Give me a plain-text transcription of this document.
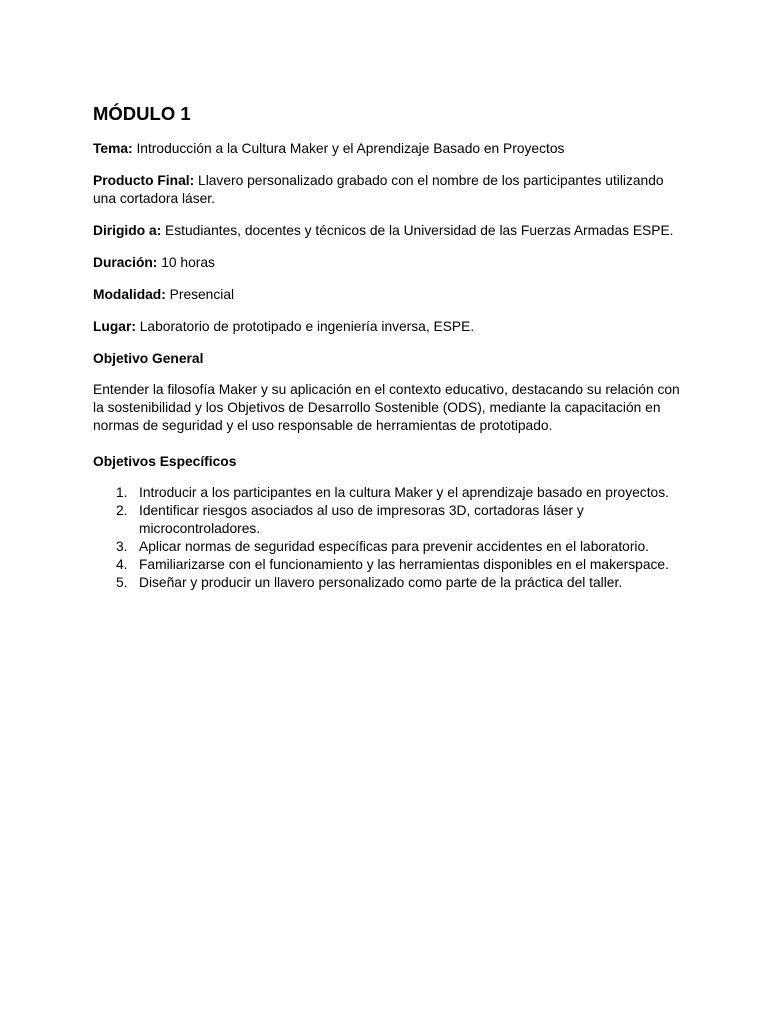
MÓDULO 1

Tema: Introducción a la Cultura Maker y el Aprendizaje Basado en Proyectos

Producto Final: Llavero personalizado grabado con el nombre de los participantes utilizando una cortadora láser.

Dirigido a: Estudiantes, docentes y técnicos de la Universidad de las Fuerzas Armadas ESPE.

Duración: 10 horas

Modalidad: Presencial

Lugar: Laboratorio de prototipado e ingeniería inversa, ESPE.

Objetivo General

Entender la filosofía Maker y su aplicación en el contexto educativo, destacando su relación con la sostenibilidad y los Objetivos de Desarrollo Sostenible (ODS), mediante la capacitación en normas de seguridad y el uso responsable de herramientas de prototipado.

Objetivos Específicos
1. Introducir a los participantes en la cultura Maker y el aprendizaje basado en proyectos.
2. Identificar riesgos asociados al uso de impresoras 3D, cortadoras láser y microcontroladores.
3. Aplicar normas de seguridad específicas para prevenir accidentes en el laboratorio.
4. Familiarizarse con el funcionamiento y las herramientas disponibles en el makerspace.
5. Diseñar y producir un llavero personalizado como parte de la práctica del taller.
